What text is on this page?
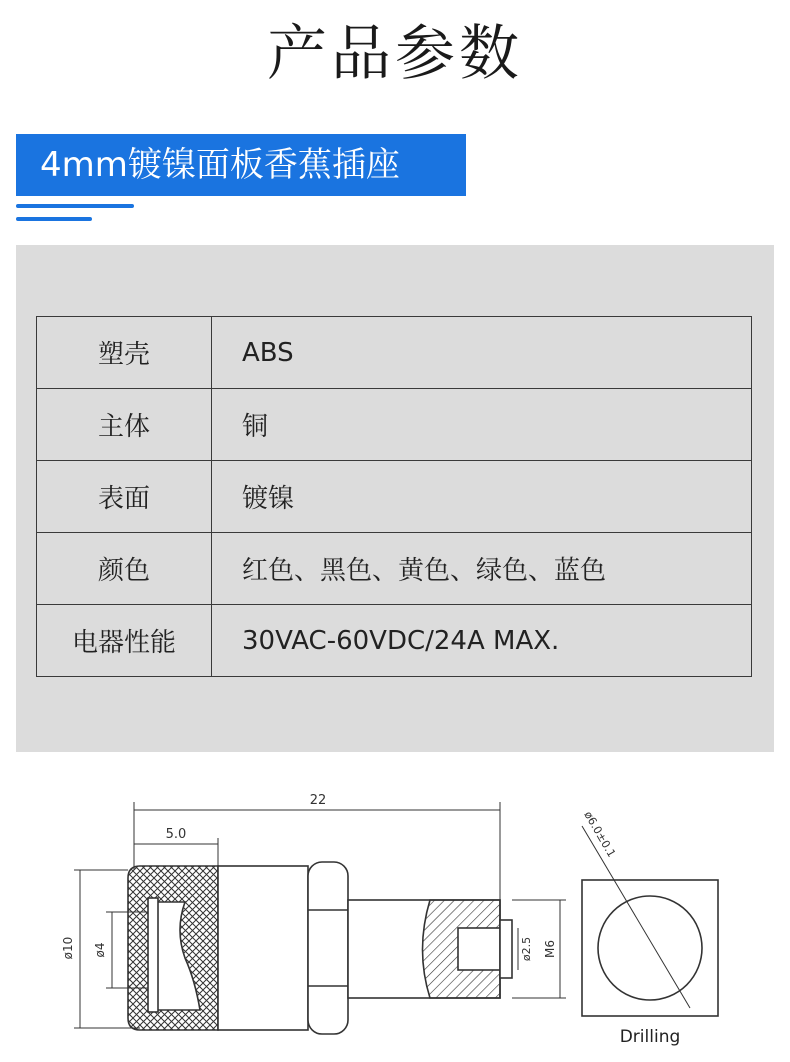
产品参数
4mm镀镍面板香蕉插座
塑壳	ABS
主体	铜
表面	镀镍
颜色	红色、黑色、黄色、绿色、蓝色
电器性能	30VAC-60VDC/24A MAX.
22
5.0
ø10 ø4	ø2.5 M6
ø6.0±0.1
Drilling
